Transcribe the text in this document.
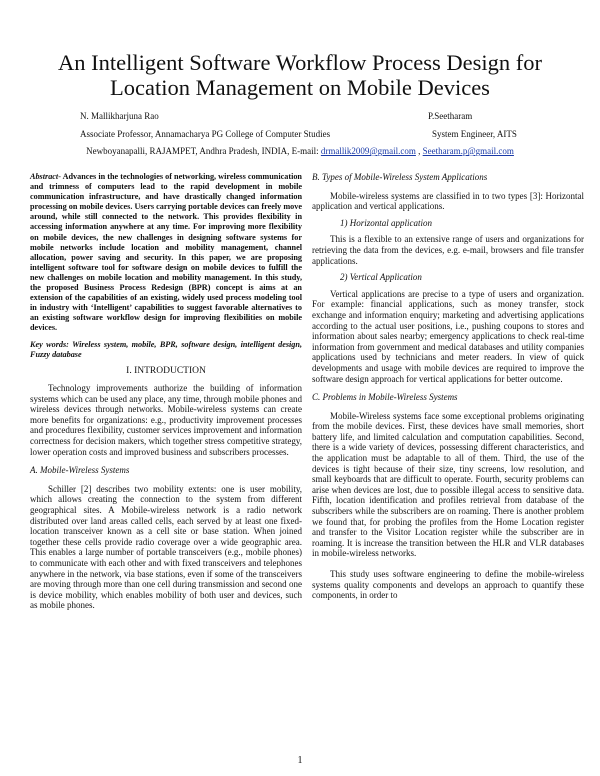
An Intelligent Software Workflow Process Design for Location Management on Mobile Devices
N. Mallikharjuna Rao	P.Seetharam
Associate Professor, Annamacharya PG College of Computer Studies	System Engineer, AITS
Newboyanapalli, RAJAMPET, Andhra Pradesh, INDIA, E-mail: drmallik2009@gmail.com , Seetharam.p@gmail.com

Abstract- Advances in the technologies of networking, wireless communication and trimness of computers lead to the rapid development in mobile communication infrastructure, and have drastically changed information processing on mobile devices. Users carrying portable devices can freely move around, while still connected to the network. This provides flexibility in accessing information anywhere at any time. For improving more flexibility on mobile devices, the new challenges in designing software systems for mobile networks include location and mobility management, channel allocation, power saving and security. In this paper, we are proposing intelligent software tool for software design on mobile devices to fulfill the new challenges on mobile location and mobility management. In this study, the proposed Business Process Redesign (BPR) concept is aims at an extension of the capabilities of an existing, widely used process modeling tool in industry with ‘Intelligent’ capabilities to suggest favorable alternatives to an existing software workflow design for improving flexibilities on mobile devices.

Key words: Wireless system, mobile, BPR, software design, intelligent design, Fuzzy database

I. INTRODUCTION

Technology improvements authorize the building of information systems which can be used any place, any time, through mobile phones and wireless devices through networks. Mobile-wireless systems can create more benefits for organizations: e.g., productivity improvement processes and procedures flexibility, customer services improvement and information correctness for decision makers, which together stress competitive strategy, lower operation costs and improved business and subscribers processes.

A. Mobile-Wireless Systems

Schiller [2] describes two mobility extents: one is user mobility, which allows creating the connection to the system from different geographical sites. A Mobile-wireless network is a radio network distributed over land areas called cells, each served by at least one fixed-location transceiver known as a cell site or base station. When joined together these cells provide radio coverage over a wide geographic area. This enables a large number of portable transceivers (e.g., mobile phones) to communicate with each other and with fixed transceivers and telephones anywhere in the network, via base stations, even if some of the transceivers are moving through more than one cell during transmission and second one is device mobility, which enables mobility of both user and devices, such as mobile phones.

B. Types of Mobile-Wireless System Applications

Mobile-wireless systems are classified in to two types [3]: Horizontal application and vertical applications.

1) Horizontal application

This is a flexible to an extensive range of users and organizations for retrieving the data from the devices, e.g. e-mail, browsers and file transfer applications.

2) Vertical Application

Vertical applications are precise to a type of users and organization. For example: financial applications, such as money transfer, stock exchange and information enquiry; marketing and advertising applications according to the actual user positions, i.e., pushing coupons to stores and information about sales nearby; emergency applications to check real-time information from government and medical databases and utility companies applications used by technicians and meter readers. In view of quick developments and usage with mobile devices are required to improve the software design approach for vertical applications for better outcome.

C. Problems in Mobile-Wireless Systems

Mobile-Wireless systems face some exceptional problems originating from the mobile devices. First, these devices have small memories, short battery life, and limited calculation and computation capabilities. Second, there is a wide variety of devices, possessing different characteristics, and the application must be adaptable to all of them. Third, the use of the devices is tight because of their size, tiny screens, low resolution, and small keyboards that are difficult to operate. Fourth, security problems can arise when devices are lost, due to possible illegal access to sensitive data. Fifth, location identification and profiles retrieval from database of the subscribers while the subscribers are on roaming. There is another problem we found that, for probing the profiles from the Home Location register and transfer to the Visitor Location register while the subscriber are in roaming. It is increase the transition between the HLR and VLR databases in mobile-wireless networks.

This study uses software engineering to define the mobile-wireless systems quality components and develops an approach to quantify these components, in order to

1
